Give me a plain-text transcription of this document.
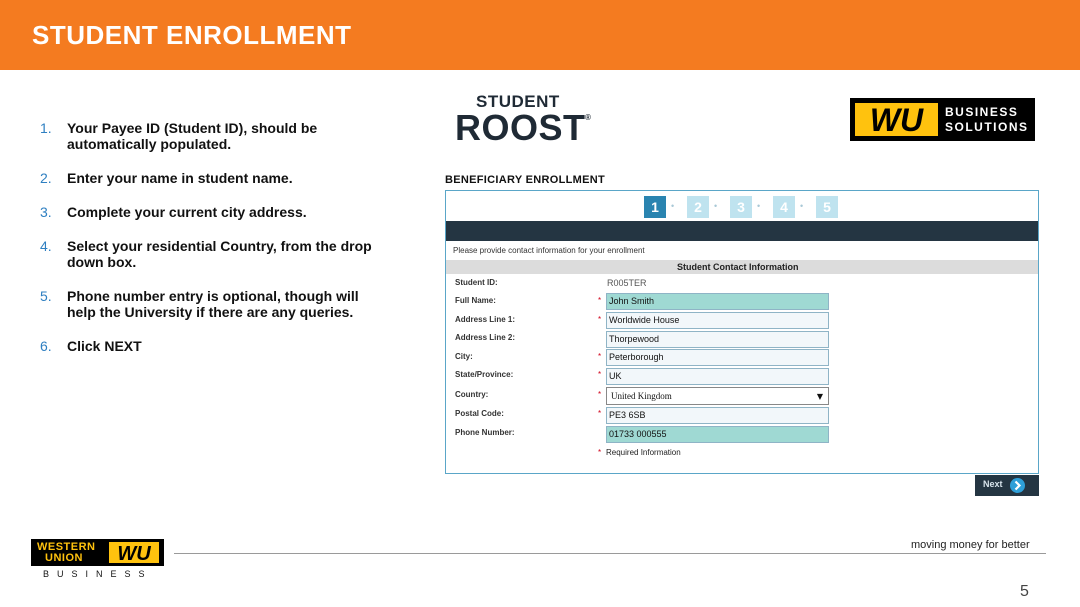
STUDENT ENROLLMENT
1.	Your Payee ID (Student ID), should be automatically populated.
2.	Enter your name in student name.
3.	Complete your current city address.
4.	Select your residential Country, from the drop down box.
5.	Phone number entry is optional, though will help the University if there are any queries.
6.	Click NEXT
STUDENT
ROOST ®	WU BUSINESS
SOLUTIONS
BENEFICIARY ENROLLMENT
1	•	2	•	3	•	4	•	5
Please provide contact information for your enrollment
Student Contact Information
Student ID:	R005TER
Full Name:	* John Smith
Address Line 1:	* Worldwide House
Address Line 2:	Thorpewood
City:	* Peterborough
State/Province:	* UK
Country:	*	United Kingdom	▼
Postal Code:	* PE3 6SB
Phone Number:	01733 000555
* Required Information
Next
WESTERN
UNION WU
BUSINESS
moving money for better
5
